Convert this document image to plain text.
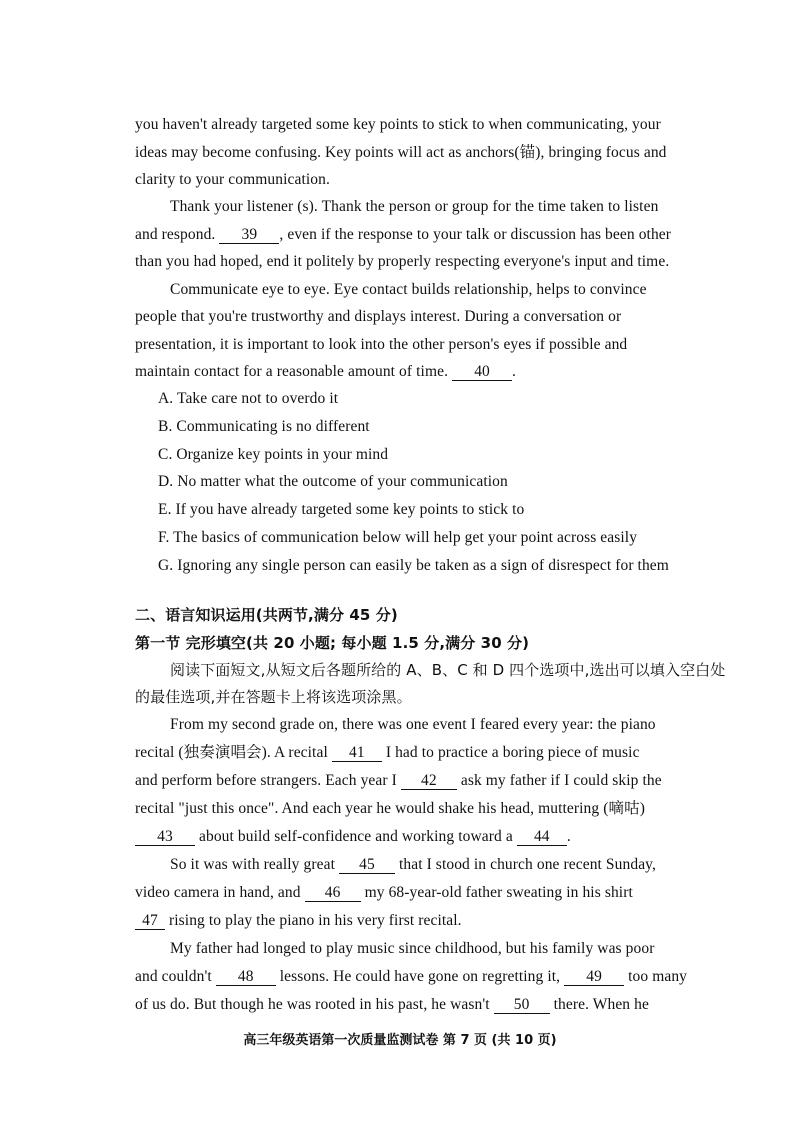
you haven't already targeted some key points to stick to when communicating, your
ideas may become confusing. Key points will act as anchors(锚), bringing focus and
clarity to your communication.
Thank your listener (s). Thank the person or group for the time taken to listen
and respond. 39 , even if the response to your talk or discussion has been other
than you had hoped, end it politely by properly respecting everyone's input and time.
Communicate eye to eye. Eye contact builds relationship, helps to convince
people that you're trustworthy and displays interest. During a conversation or
presentation, it is important to look into the other person's eyes if possible and
maintain contact for a reasonable amount of time. 40 .
A. Take care not to overdo it
B. Communicating is no different
C. Organize key points in your mind
D. No matter what the outcome of your communication
E. If you have already targeted some key points to stick to
F. The basics of communication below will help get your point across easily
G. Ignoring any single person can easily be taken as a sign of disrespect for them
二、语言知识运用(共两节,满分 45 分)
第一节 完形填空(共 20 小题; 每小题 1.5 分,满分 30 分)
阅读下面短文,从短文后各题所给的 A、B、C 和 D 四个选项中,选出可以填入空白处
的最佳选项,并在答题卡上将该选项涂黑。
From my second grade on, there was one event I feared every year: the piano
recital (独奏演唱会). A recital 41 I had to practice a boring piece of music
and perform before strangers. Each year I 42 ask my father if I could skip the
recital "just this once". And each year he would shake his head, muttering (嘀咕)
43 about build self-confidence and working toward a 44 .
So it was with really great 45 that I stood in church one recent Sunday,
video camera in hand, and 46 my 68-year-old father sweating in his shirt
47 rising to play the piano in his very first recital.
My father had longed to play music since childhood, but his family was poor
and couldn't 48 lessons. He could have gone on regretting it, 49 too many
of us do. But though he was rooted in his past, he wasn't 50 there. When he
高三年级英语第一次质量监测试卷 第 7 页 (共 10 页)
